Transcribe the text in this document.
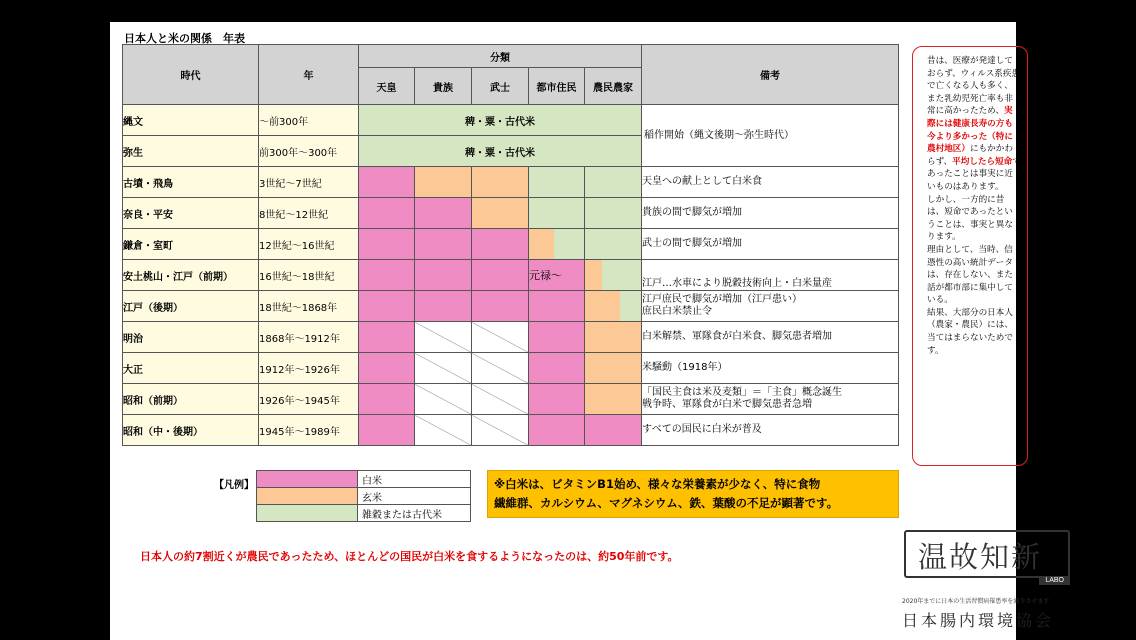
日本人と米の関係　年表
時代	年	分類					備考
		天皇	貴族	武士	都市住民	農民農家	
縄文	～前300年	稗・粟・古代米					稲作開始（縄文後期～弥生時代）
弥生	前300年～300年	稗・粟・古代米					
古墳・飛鳥	3世紀～7世紀						天皇への献上として白米食
奈良・平安	8世紀～12世紀						貴族の間で脚気が増加
鎌倉・室町	12世紀～16世紀						武士の間で脚気が増加
安土桃山・江戸（前期）	16世紀～18世紀				元禄～		江戸…水車により脱穀技術向上・白米量産
江戸（後期）	18世紀～1868年						江戸庶民で脚気が増加（江戸患い）
庶民白米禁止令

明治	1868年～1912年						白米解禁、軍隊食が白米食、脚気患者増加
大正	1912年～1926年						米騒動（1918年）
昭和（前期）	1926年～1945年						「国民主食は米及麦類」＝「主食」概念誕生
戦争時、軍隊食が白米で脚気患者急増

昭和（中・後期）	1945年～1989年						すべての国民に白米が普及
【凡例】
		白米
	玄米
	雑穀または古代米
※白米は、ビタミンB1始め、様々な栄養素が少なく、特に食物
繊維群、カルシウム、マグネシウム、鉄、葉酸の不足が顕著です。
日本人の約7割近くが農民であったため、ほとんどの国民が白米を食するようになったのは、約50年前です。
昔は、医療が発達しておらず、ウィルス系疾患で亡くなる人も多く、また乳幼児死亡率も非常に高かったため、実際には健康長寿の方も今より多かった（特に農村地区）にもかかわらず、平均したら短命であったことは事実に近いものはあります。
しかし、一方的に昔は、短命であったということは、事実と異なります。
理由として、当時、信憑性の高い統計データは、存在しない、また話が都市部に集中している。
結果、大部分の日本人（農家・農民）には、当てはまらないためです。
温故知新
LABO
2020年までに日本の生活習慣病罹患率を減少させます
日本腸内環境協会
